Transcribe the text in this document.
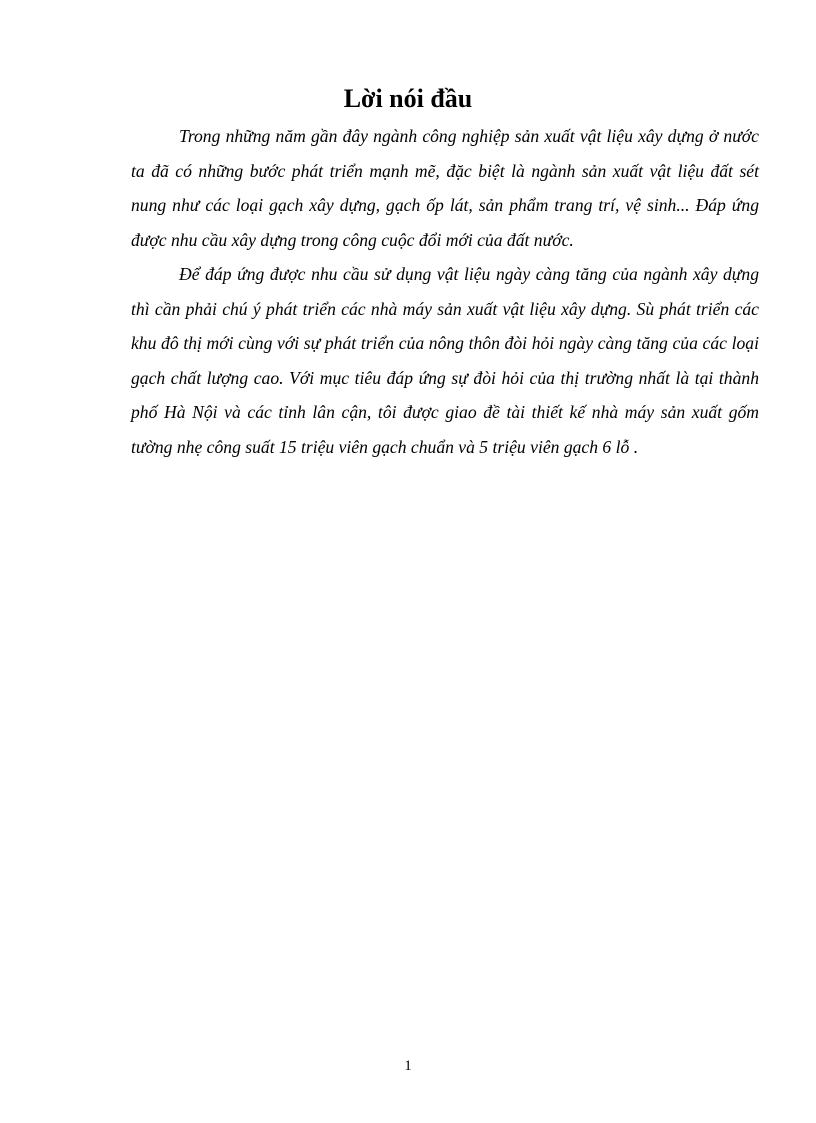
Lời nói đầu

Trong những năm gần đây ngành công nghiệp sản xuất vật liệu xây dựng ở nước ta đã có những bước phát triển mạnh mẽ, đặc biệt là ngành sản xuất vật liệu đất sét nung như các loại gạch xây dựng, gạch ốp lát, sản phẩm trang trí, vệ sinh... Đáp ứng được nhu cầu xây dựng trong công cuộc đổi mới của đất nước.

Để đáp ứng được nhu cầu sử dụng vật liệu ngày càng tăng của ngành xây dựng thì cần phải chú ý phát triển các nhà máy sản xuất vật liệu xây dựng. Sù phát triển các khu đô thị mới cùng với sự phát triển của nông thôn đòi hỏi ngày càng tăng của các loại gạch chất lượng cao. Với mục tiêu đáp ứng sự đòi hỏi của thị trường nhất là tại thành phố Hà Nội và các tỉnh lân cận, tôi được giao đề tài thiết kế nhà máy sản xuất gốm tường nhẹ công suất 15 triệu viên gạch chuẩn và 5 triệu viên gạch 6 lỗ .

1
